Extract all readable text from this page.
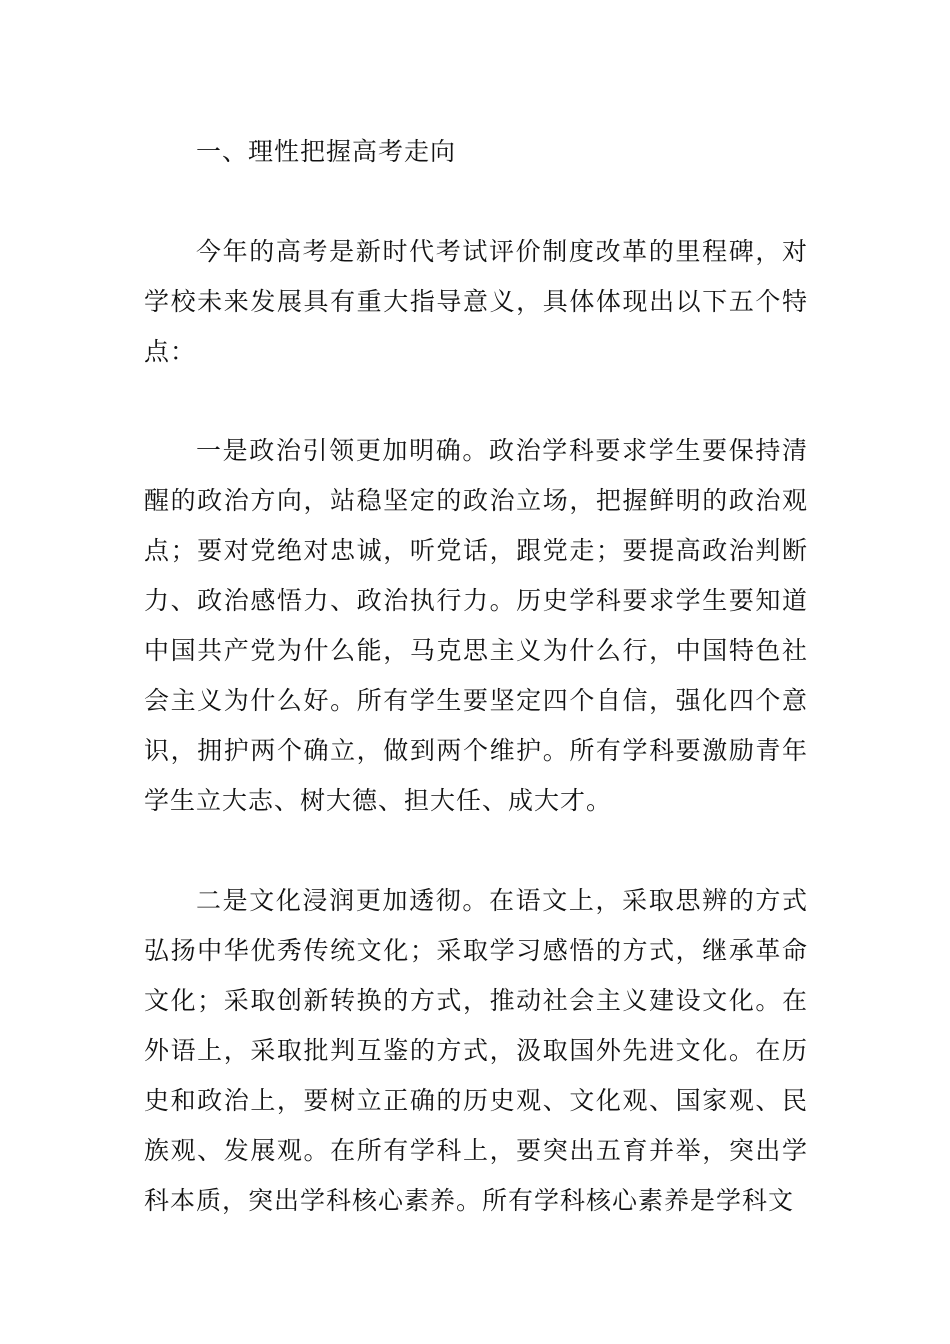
一、理性把握高考走向

今年的高考是新时代考试评价制度改革的里程碑，对学校未来发展具有重大指导意义，具体体现出以下五个特点：

一是政治引领更加明确。政治学科要求学生要保持清醒的政治方向，站稳坚定的政治立场，把握鲜明的政治观点；要对党绝对忠诚，听党话，跟党走；要提高政治判断力、政治感悟力、政治执行力。历史学科要求学生要知道中国共产党为什么能，马克思主义为什么行，中国特色社会主义为什么好。所有学生要坚定四个自信，强化四个意识，拥护两个确立，做到两个维护。所有学科要激励青年学生立大志、树大德、担大任、成大才。

二是文化浸润更加透彻。在语文上，采取思辨的方式弘扬中华优秀传统文化；采取学习感悟的方式，继承革命文化；采取创新转换的方式，推动社会主义建设文化。在外语上，采取批判互鉴的方式，汲取国外先进文化。在历史和政治上，要树立正确的历史观、文化观、国家观、民族观、发展观。在所有学科上，要突出五育并举，突出学科本质，突出学科核心素养。所有学科核心素养是学科文
